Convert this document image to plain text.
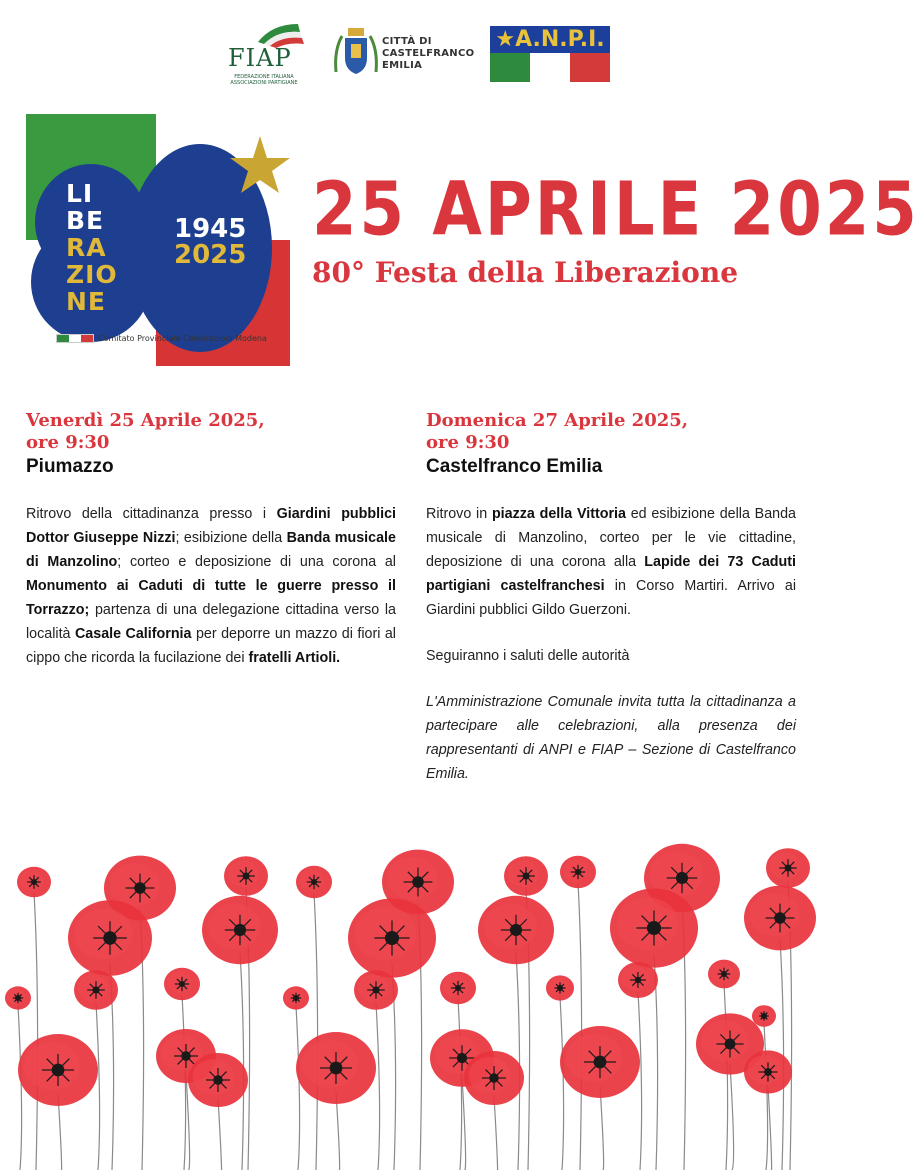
FIAP
FEDERAZIONE ITALIANA ASSOCIAZIONI PARTIGIANE
CITTÀ DI
CASTELFRANCO
EMILIA
★A.N.P.I.
LI
BE
RA
ZIO
NE
1945
2025
Comitato Provinciale Celebrazioni Modena
25 APRILE 2025
80° Festa della Liberazione
Venerdì 25 Aprile 2025,
ore 9:30
Piumazzo

Ritrovo della cittadinanza presso i Giardini pubblici Dottor Giuseppe Nizzi; esibizione della Banda musicale di Manzolino; corteo e deposizione di una corona al Monumento ai Caduti di tutte le guerre presso il Torrazzo; partenza di una delegazione cittadina verso la località Casale California per deporre un mazzo di fiori al cippo che ricorda la fucilazione dei fratelli Artioli.

Domenica 27 Aprile 2025,
ore 9:30
Castelfranco Emilia

Ritrovo in piazza della Vittoria ed esibizione della Banda musicale di Manzolino, corteo per le vie cittadine, deposizione di una corona alla Lapide dei 73 Caduti partigiani castelfranchesi in Corso Martiri. Arrivo ai Giardini pubblici Gildo Guerzoni.

Seguiranno i saluti delle autorità

L'Amministrazione Comunale invita tutta la cittadinanza a partecipare alle celebrazioni, alla presenza dei rappresentanti di ANPI e FIAP – Sezione di Castelfranco Emilia.
